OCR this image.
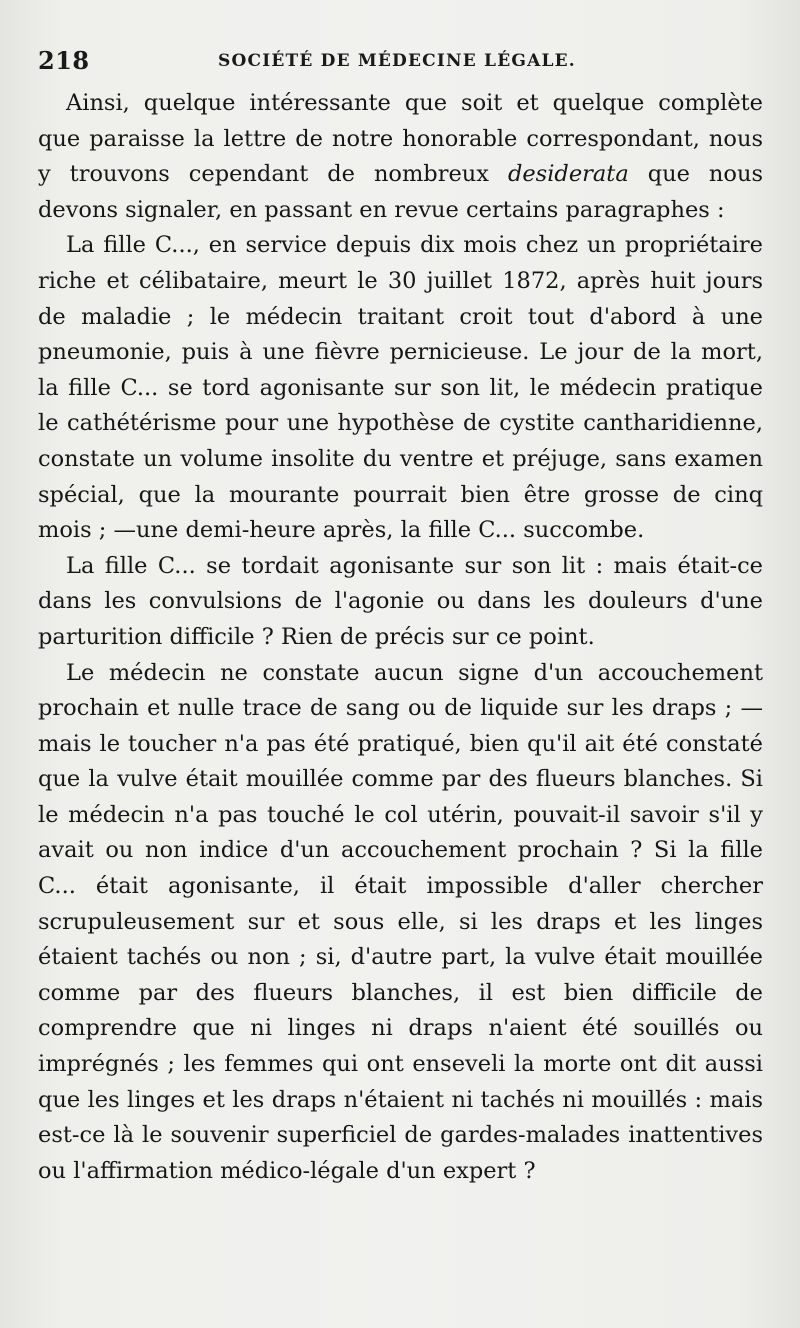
218	SOCIÉTÉ DE MÉDECINE LÉGALE.

Ainsi, quelque intéressante que soit et quelque complète que paraisse la lettre de notre honorable correspondant, nous y trouvons cependant de nombreux desiderata que nous devons signaler, en passant en revue certains paragraphes :

La fille C..., en service depuis dix mois chez un propriétaire riche et célibataire, meurt le 30 juillet 1872, après huit jours de maladie ; le médecin traitant croit tout d'abord à une pneumonie, puis à une fièvre pernicieuse. Le jour de la mort, la fille C... se tord agonisante sur son lit, le médecin pratique le cathétérisme pour une hypothèse de cystite cantharidienne, constate un volume insolite du ventre et préjuge, sans examen spécial, que la mourante pourrait bien être grosse de cinq mois ; —une demi-heure après, la fille C... succombe.

La fille C... se tordait agonisante sur son lit : mais était-ce dans les convulsions de l'agonie ou dans les douleurs d'une parturition difficile ? Rien de précis sur ce point.

Le médecin ne constate aucun signe d'un accouchement prochain et nulle trace de sang ou de liquide sur les draps ; — mais le toucher n'a pas été pratiqué, bien qu'il ait été constaté que la vulve était mouillée comme par des flueurs blanches. Si le médecin n'a pas touché le col utérin, pouvait-il savoir s'il y avait ou non indice d'un accouchement prochain ? Si la fille C... était agonisante, il était impossible d'aller chercher scrupuleusement sur et sous elle, si les draps et les linges étaient tachés ou non ; si, d'autre part, la vulve était mouillée comme par des flueurs blanches, il est bien difficile de comprendre que ni linges ni draps n'aient été souillés ou imprégnés ; les femmes qui ont enseveli la morte ont dit aussi que les linges et les draps n'étaient ni tachés ni mouillés : mais est-ce là le souvenir superficiel de gardes-malades inattentives ou l'affirmation médico-légale d'un expert ?
